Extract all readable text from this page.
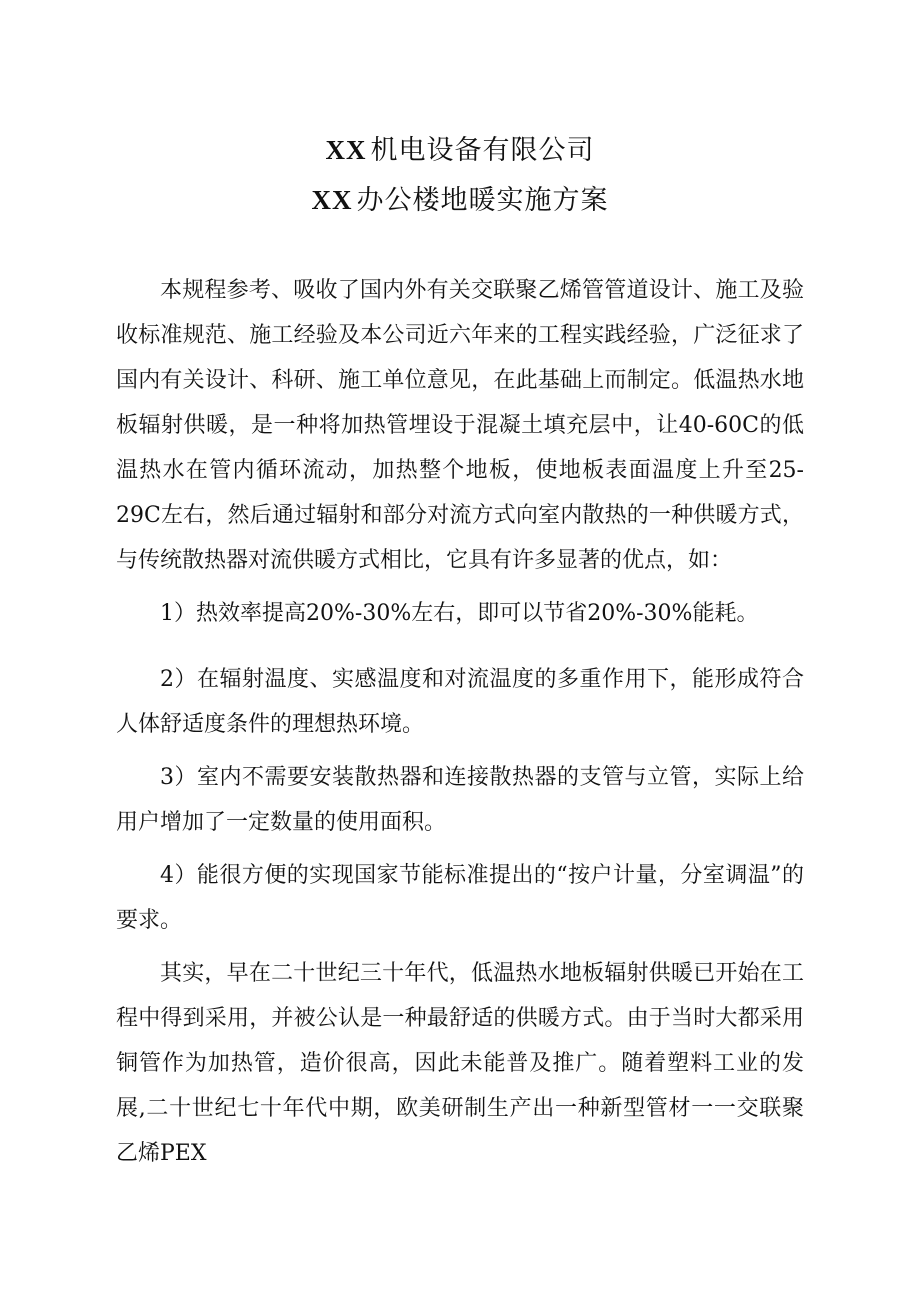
XX 机电设备有限公司
XX 办公楼地暖实施方案

本规程参考、吸收了国内外有关交联聚乙烯管管道设计、施工及验收标准规范、施工经验及本公司近六年来的工程实践经验，广泛征求了国内有关设计、科研、施工单位意见，在此基础上而制定。低温热水地板辐射供暖，是一种将加热管埋设于混凝土填充层中，让40-60C的低温热水在管内循环流动，加热整个地板，使地板表面温度上升至25-29C左右，然后通过辐射和部分对流方式向室内散热的一种供暖方式，与传统散热器对流供暖方式相比，它具有许多显著的优点，如：

1）热效率提高20%-30%左右，即可以节省20%-30%能耗。

2）在辐射温度、实感温度和对流温度的多重作用下，能形成符合人体舒适度条件的理想热环境。

3）室内不需要安装散热器和连接散热器的支管与立管，实际上给用户增加了一定数量的使用面积。

4）能很方便的实现国家节能标准提出的“按户计量，分室调温”的要求。

其实，早在二十世纪三十年代，低温热水地板辐射供暖已开始在工程中得到采用，并被公认是一种最舒适的供暖方式。由于当时大都采用铜管作为加热管，造价很高，因此未能普及推广。随着塑料工业的发展,二十世纪七十年代中期，欧美研制生产出一种新型管材一一交联聚乙烯PEX
